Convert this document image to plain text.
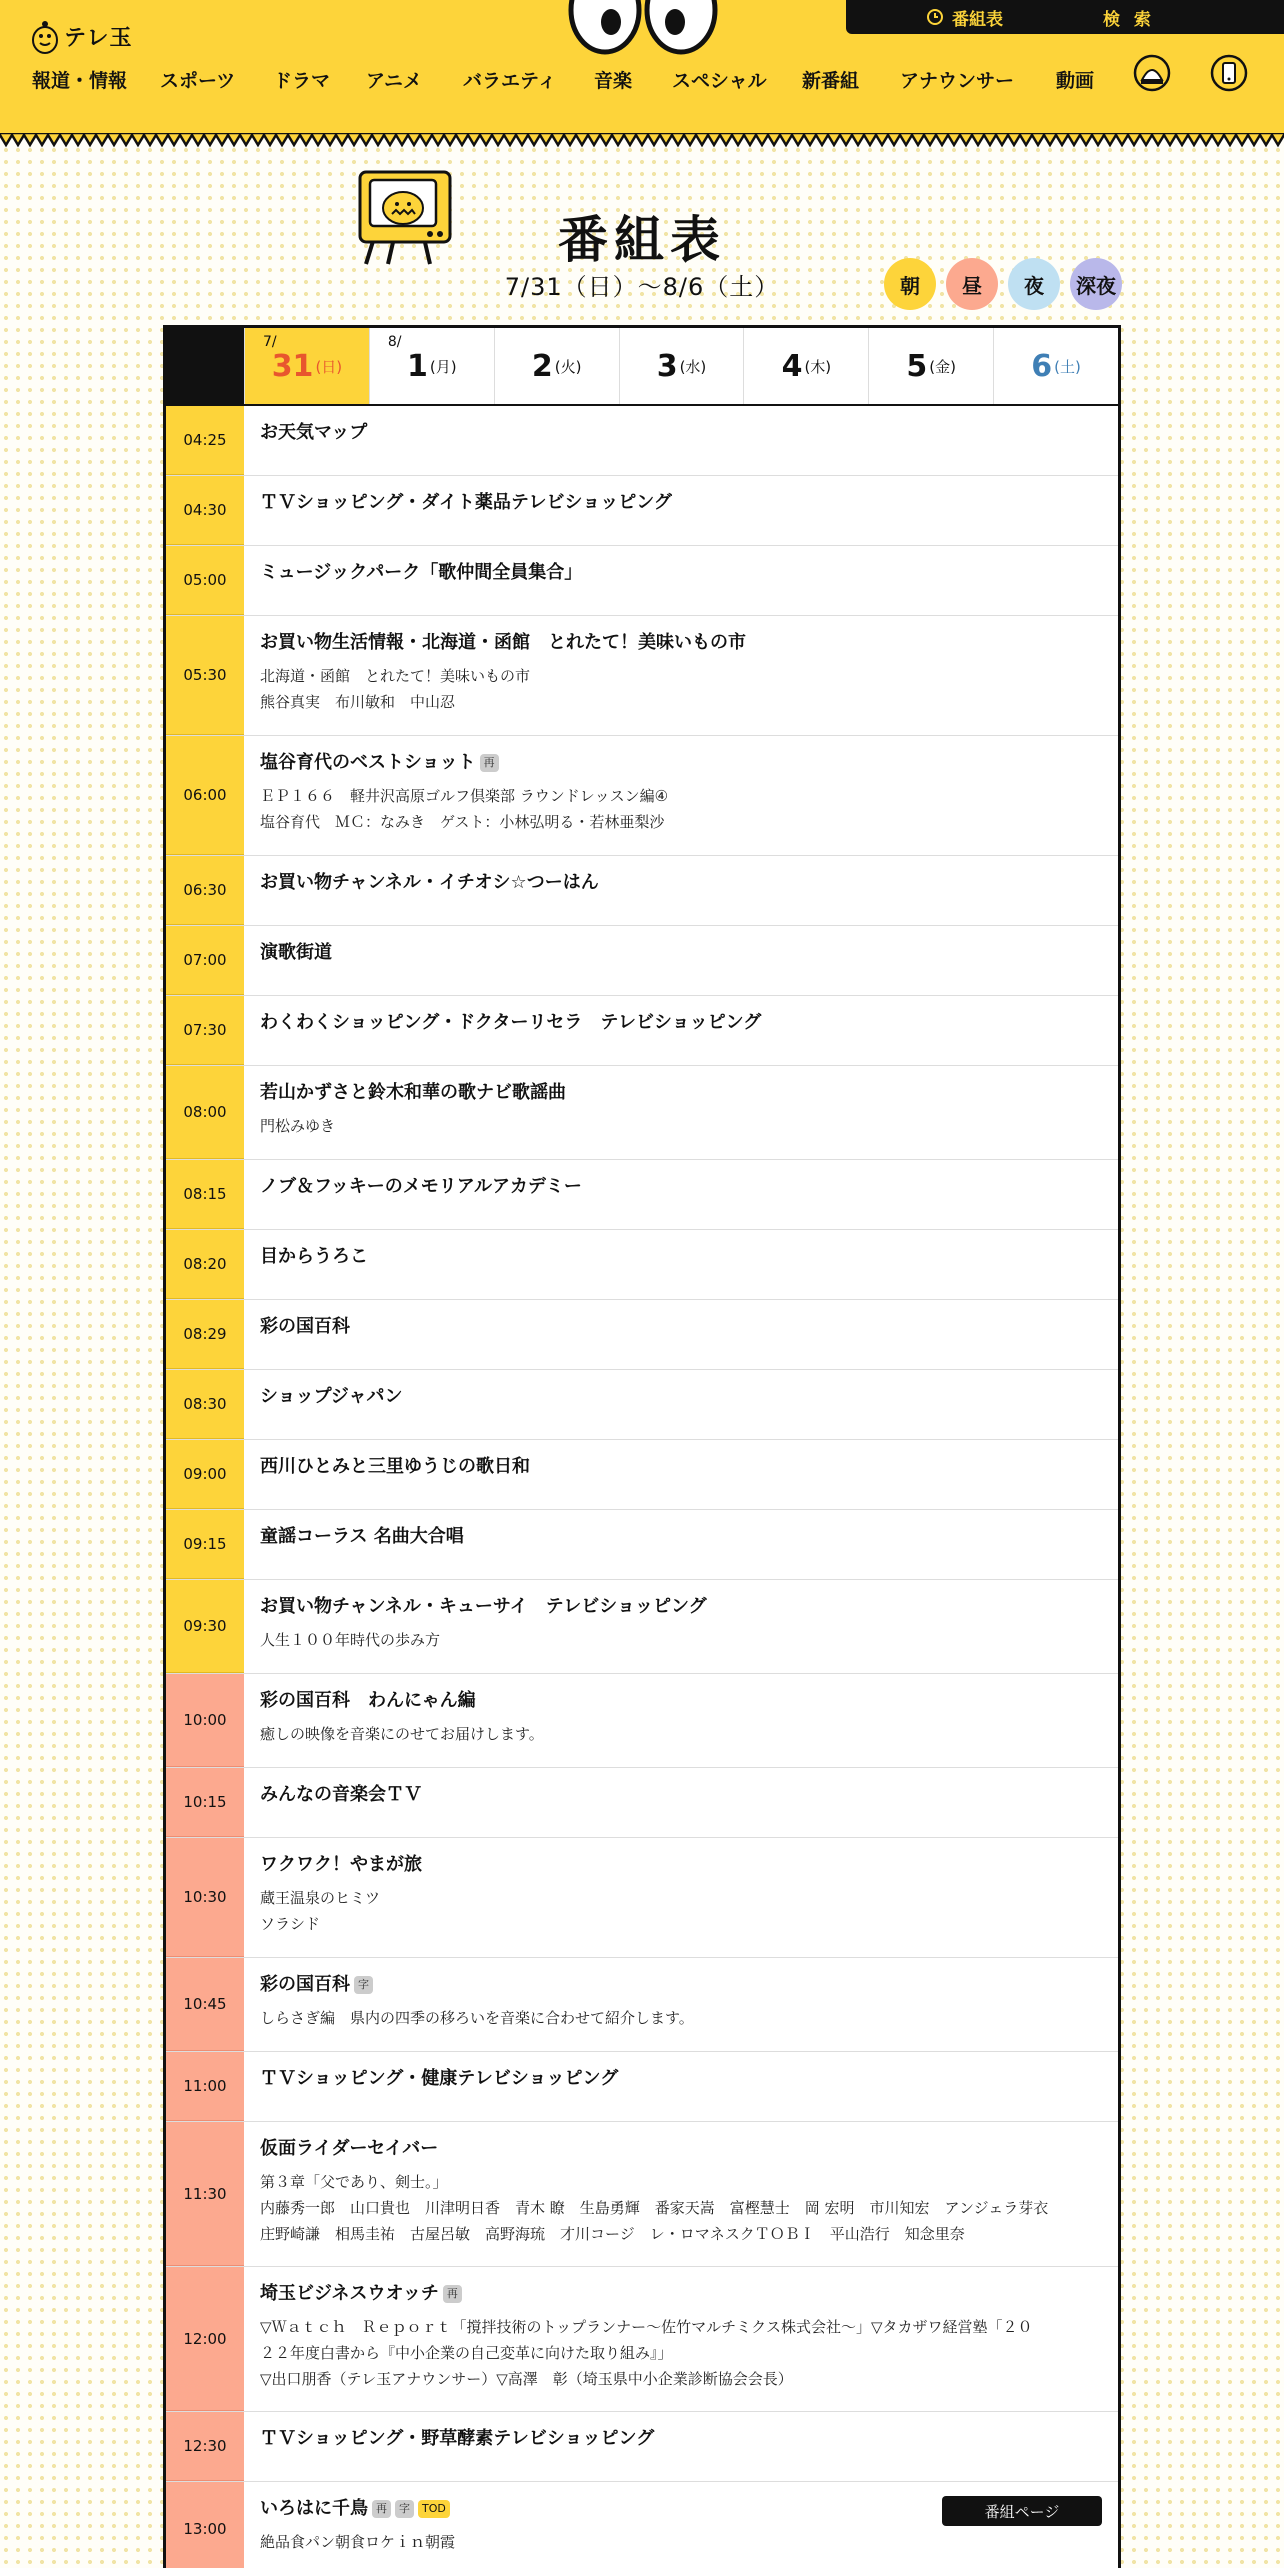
テレ玉
番組表	検 索
報道・情報 スポーツ ドラマ アニメ バラエティ 音楽 スペシャル 新番組 アナウンサー 動画
番組表
7/31（日）〜8/6（土）	朝	昼	夜	深夜
7/
31 (日)
8/
1 (月)	2 (火)	3 (水)	4 (木)	5 (金)	6 (土)
04:25	お天気マップ
04:30	ＴＶショッピング・ダイト薬品テレビショッピング
05:00	ミュージックパーク「歌仲間全員集合」
05:30
お買い物生活情報・北海道・函館　とれたて！美味いもの市
北海道・函館　とれたて！美味いもの市
熊谷真実　布川敏和　中山忍
06:00
塩谷育代のベストショット 再
ＥＰ１６６　軽井沢高原ゴルフ倶楽部 ラウンドレッスン編④
塩谷育代　ＭＣ：なみき　ゲスト：小林弘明る・若林亜梨沙
06:30	お買い物チャンネル・イチオシ☆つーはん
07:00	演歌街道
07:30	わくわくショッピング・ドクターリセラ　テレビショッピング
08:00
若山かずさと鈴木和華の歌ナビ歌謡曲
門松みゆき
08:15	ノブ＆フッキーのメモリアルアカデミー
08:20	目からうろこ
08:29	彩の国百科
08:30	ショップジャパン
09:00	西川ひとみと三里ゆうじの歌日和
09:15	童謡コーラス 名曲大合唱
09:30
お買い物チャンネル・キューサイ　テレビショッピング
人生１００年時代の歩み方
10:00
彩の国百科　わんにゃん編
癒しの映像を音楽にのせてお届けします。
10:15	みんなの音楽会ＴＶ
10:30
ワクワク！やまが旅
蔵王温泉のヒミツ
ソラシド
10:45
彩の国百科 字
しらさぎ編　県内の四季の移ろいを音楽に合わせて紹介します。
11:00	ＴＶショッピング・健康テレビショッピング
11:30
仮面ライダーセイバー
第３章「父であり、剣士。」
内藤秀一郎　山口貴也　川津明日香　青木 瞭　生島勇輝　番家天嵩　富樫慧士　岡 宏明　市川知宏　アンジェラ芽衣
庄野崎謙　相馬圭祐　古屋呂敏　高野海琉　才川コージ　レ・ロマネスクＴＯＢＩ　平山浩行　知念里奈
12:00
埼玉ビジネスウオッチ 再
▽Ｗａｔｃｈ　Ｒｅｐｏｒｔ「撹拌技術のトップランナー～佐竹マルチミクス株式会社～」▽タカザワ経営塾「２０
２２年度白書から『中小企業の自己変革に向けた取り組み』」
▽出口朋香（テレ玉アナウンサー）▽高澤　彰（埼玉県中小企業診断協会会長）
12:30	ＴＶショッピング・野草酵素テレビショッピング
13:00
いろはに千鳥 再 字 TOD
絶品食パン朝食ロケｉｎ朝霞
番組ページ
